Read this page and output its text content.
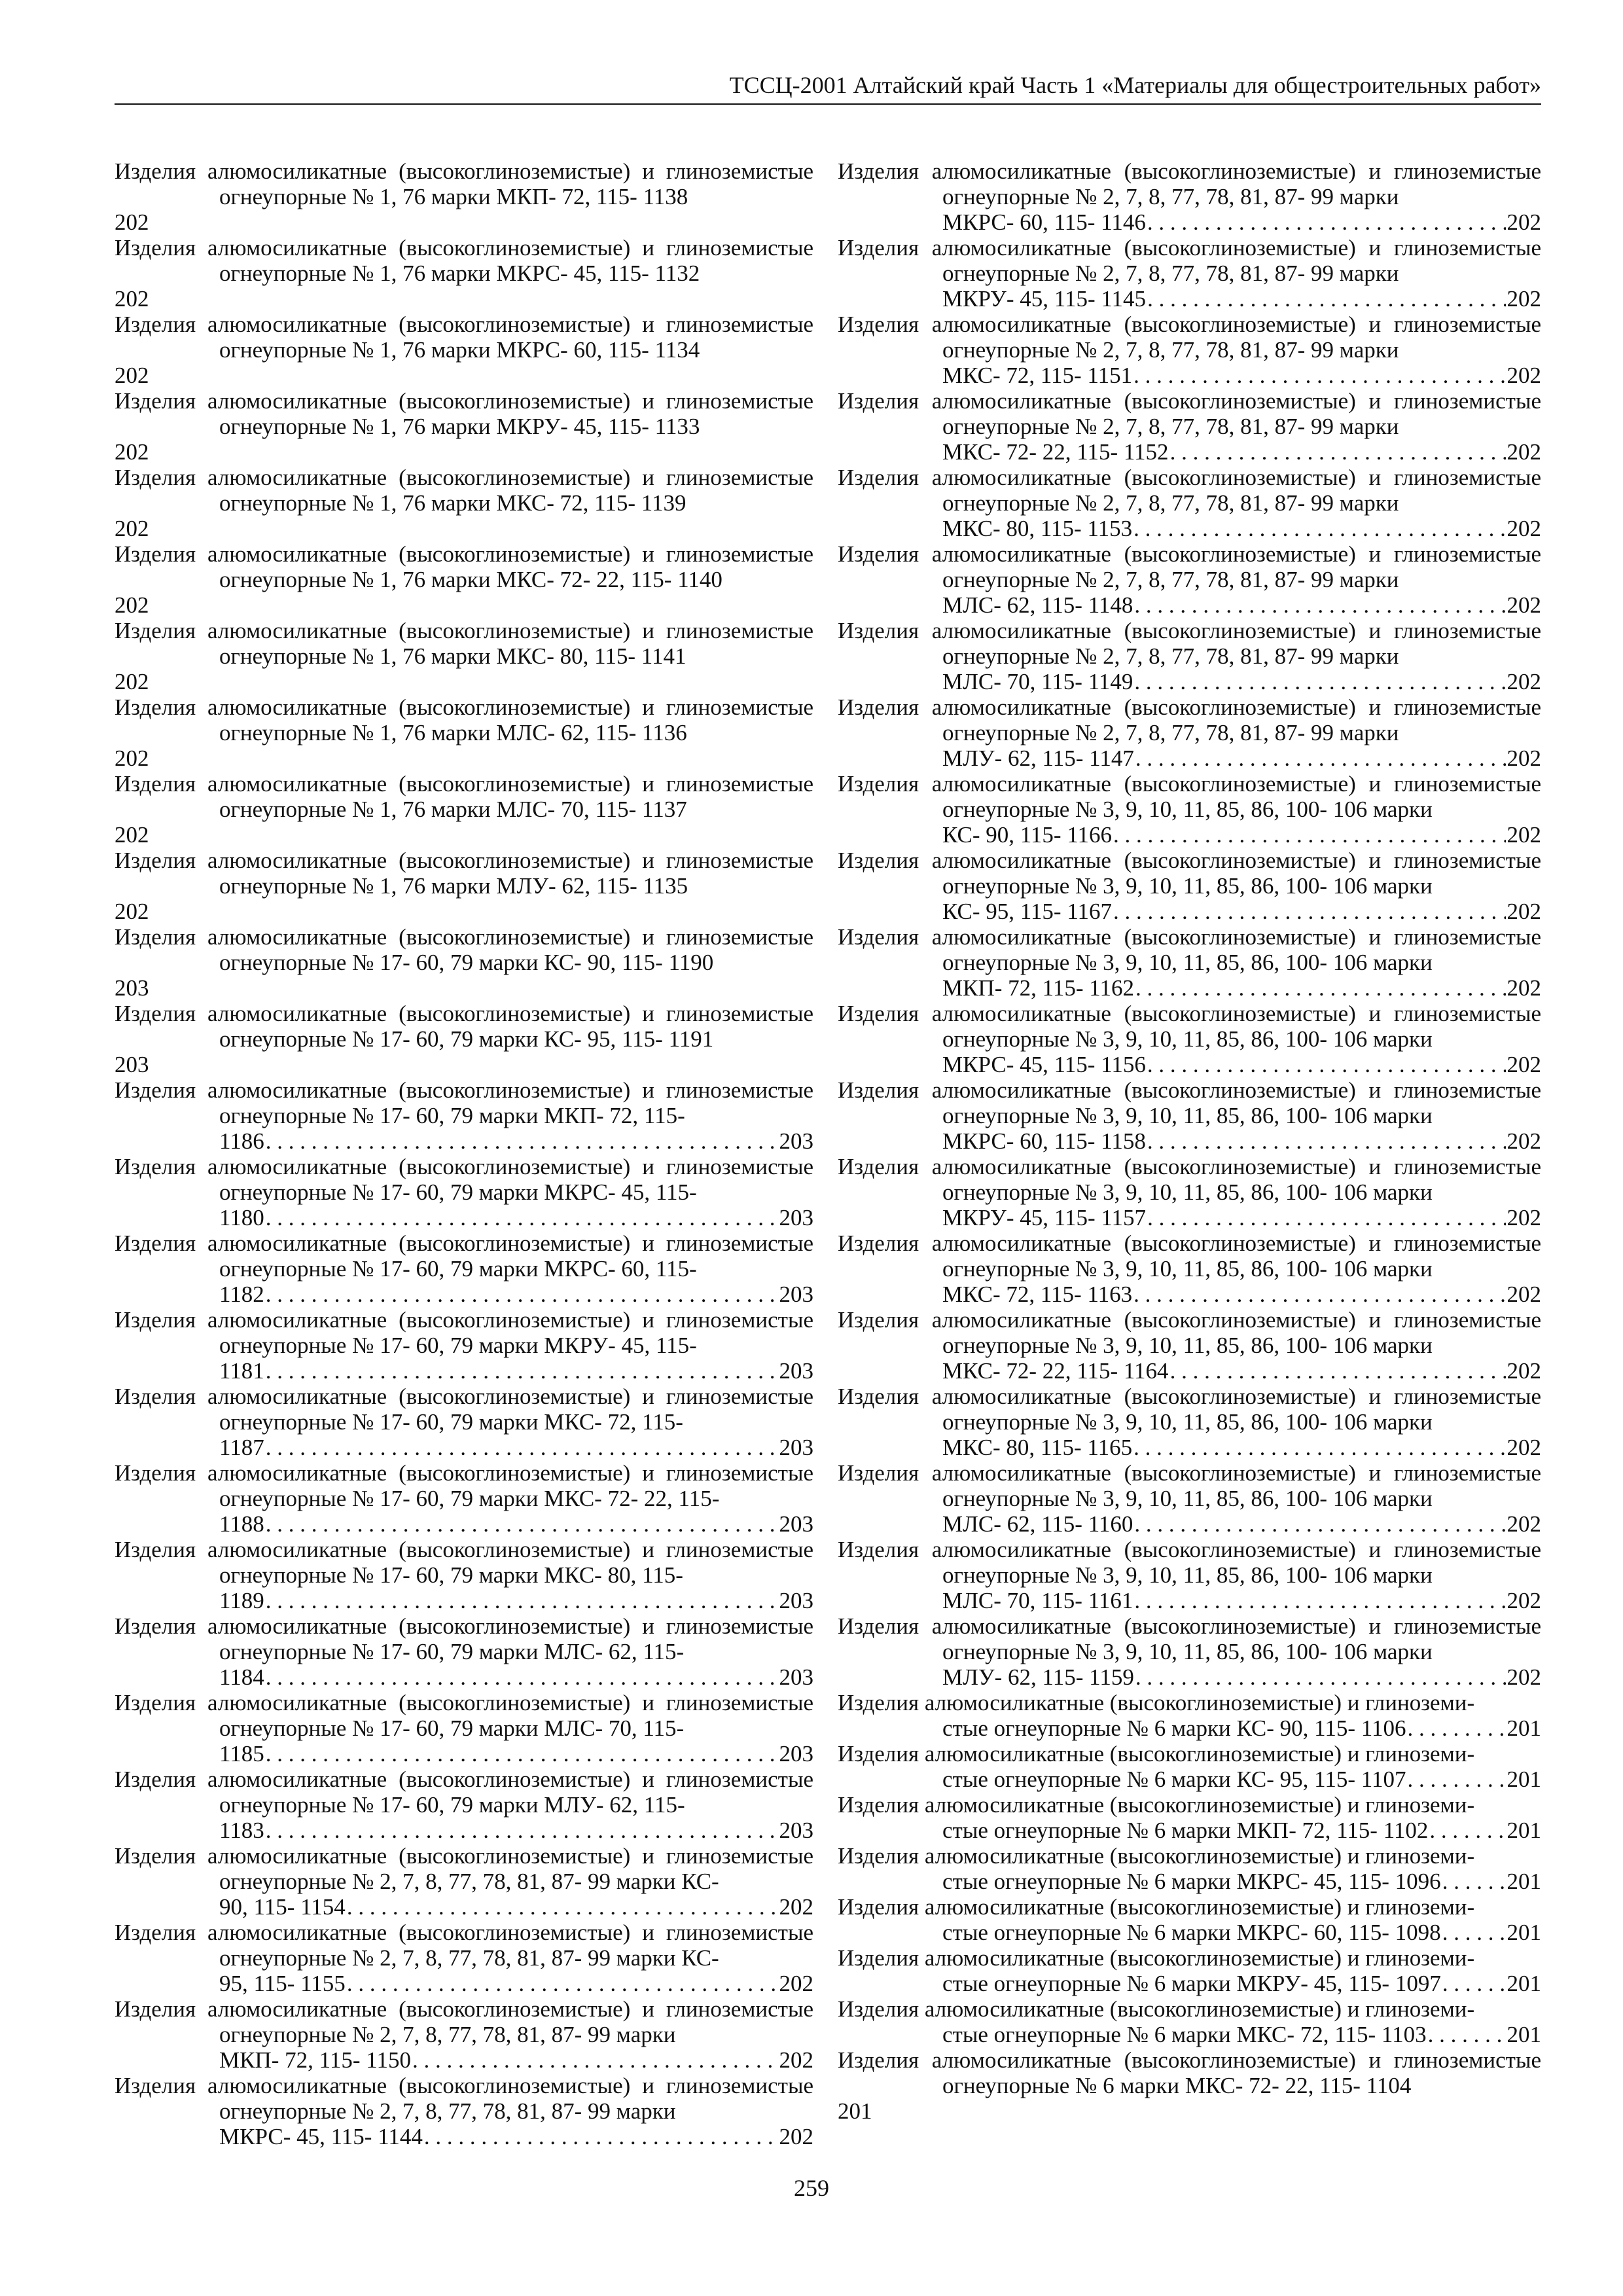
ТССЦ-2001 Алтайский край Часть 1 «Материалы для общестроительных работ»
Изделия алюмосиликатные (высокоглиноземистые) и глиноземистые огнеупорные № 1, 76 марки МКП- 72, 115- 1138
202
Изделия алюмосиликатные (высокоглиноземистые) и глиноземистые огнеупорные № 1, 76 марки МКРС- 45, 115- 1132
202
Изделия алюмосиликатные (высокоглиноземистые) и глиноземистые огнеупорные № 1, 76 марки МКРС- 60, 115- 1134
202
Изделия алюмосиликатные (высокоглиноземистые) и глиноземистые огнеупорные № 1, 76 марки МКРУ- 45, 115- 1133
202
Изделия алюмосиликатные (высокоглиноземистые) и глиноземистые огнеупорные № 1, 76 марки МКС- 72, 115- 1139
202
Изделия алюмосиликатные (высокоглиноземистые) и глиноземистые огнеупорные № 1, 76 марки МКС- 72- 22, 115- 1140
202
Изделия алюмосиликатные (высокоглиноземистые) и глиноземистые огнеупорные № 1, 76 марки МКС- 80, 115- 1141
202
Изделия алюмосиликатные (высокоглиноземистые) и глиноземистые огнеупорные № 1, 76 марки МЛС- 62, 115- 1136
202
Изделия алюмосиликатные (высокоглиноземистые) и глиноземистые огнеупорные № 1, 76 марки МЛС- 70, 115- 1137
202
Изделия алюмосиликатные (высокоглиноземистые) и глиноземистые огнеупорные № 1, 76 марки МЛУ- 62, 115- 1135
202
Изделия алюмосиликатные (высокоглиноземистые) и глиноземистые огнеупорные № 17- 60, 79 марки КС- 90, 115- 1190
203
Изделия алюмосиликатные (высокоглиноземистые) и глиноземистые огнеупорные № 17- 60, 79 марки КС- 95, 115- 1191
203
Изделия алюмосиликатные (высокоглиноземистые) и глиноземистые огнеупорные № 17- 60, 79 марки МКП- 72, 115-
1186 . . .	203
Изделия алюмосиликатные (высокоглиноземистые) и глиноземистые огнеупорные № 17- 60, 79 марки МКРС- 45, 115-
1180 . . .	203
Изделия алюмосиликатные (высокоглиноземистые) и глиноземистые огнеупорные № 17- 60, 79 марки МКРС- 60, 115-
1182 . . .	203
Изделия алюмосиликатные (высокоглиноземистые) и глиноземистые огнеупорные № 17- 60, 79 марки МКРУ- 45, 115-
1181 . . .	203
Изделия алюмосиликатные (высокоглиноземистые) и глиноземистые огнеупорные № 17- 60, 79 марки МКС- 72, 115-
1187 . . .	203
Изделия алюмосиликатные (высокоглиноземистые) и глиноземистые огнеупорные № 17- 60, 79 марки МКС- 72- 22, 115-
1188 . . .	203
Изделия алюмосиликатные (высокоглиноземистые) и глиноземистые огнеупорные № 17- 60, 79 марки МКС- 80, 115-
1189 . . .	203
Изделия алюмосиликатные (высокоглиноземистые) и глиноземистые огнеупорные № 17- 60, 79 марки МЛС- 62, 115-
1184 . . .	203
Изделия алюмосиликатные (высокоглиноземистые) и глиноземистые огнеупорные № 17- 60, 79 марки МЛС- 70, 115-
1185 . . .	203
Изделия алюмосиликатные (высокоглиноземистые) и глиноземистые огнеупорные № 17- 60, 79 марки МЛУ- 62, 115-
1183 . . .	203
Изделия алюмосиликатные (высокоглиноземистые) и глиноземистые огнеупорные № 2, 7, 8, 77, 78, 81, 87- 99 марки КС-
90, 115- 1154 . . .	202
Изделия алюмосиликатные (высокоглиноземистые) и глиноземистые огнеупорные № 2, 7, 8, 77, 78, 81, 87- 99 марки КС-
95, 115- 1155 . . .	202
Изделия алюмосиликатные (высокоглиноземистые) и глиноземистые огнеупорные № 2, 7, 8, 77, 78, 81, 87- 99 марки
МКП- 72, 115- 1150 . . .	202
Изделия алюмосиликатные (высокоглиноземистые) и глиноземистые огнеупорные № 2, 7, 8, 77, 78, 81, 87- 99 марки
МКРС- 45, 115- 1144 . . .	202
Изделия алюмосиликатные (высокоглиноземистые) и глиноземистые огнеупорные № 2, 7, 8, 77, 78, 81, 87- 99 марки
МКРС- 60, 115- 1146 . . .	202
Изделия алюмосиликатные (высокоглиноземистые) и глиноземистые огнеупорные № 2, 7, 8, 77, 78, 81, 87- 99 марки
МКРУ- 45, 115- 1145 . . .	202
Изделия алюмосиликатные (высокоглиноземистые) и глиноземистые огнеупорные № 2, 7, 8, 77, 78, 81, 87- 99 марки
МКС- 72, 115- 1151 . . .	202
Изделия алюмосиликатные (высокоглиноземистые) и глиноземистые огнеупорные № 2, 7, 8, 77, 78, 81, 87- 99 марки
МКС- 72- 22, 115- 1152 . . .	202
Изделия алюмосиликатные (высокоглиноземистые) и глиноземистые огнеупорные № 2, 7, 8, 77, 78, 81, 87- 99 марки
МКС- 80, 115- 1153 . . .	202
Изделия алюмосиликатные (высокоглиноземистые) и глиноземистые огнеупорные № 2, 7, 8, 77, 78, 81, 87- 99 марки
МЛС- 62, 115- 1148 . . .	202
Изделия алюмосиликатные (высокоглиноземистые) и глиноземистые огнеупорные № 2, 7, 8, 77, 78, 81, 87- 99 марки
МЛС- 70, 115- 1149 . . .	202
Изделия алюмосиликатные (высокоглиноземистые) и глиноземистые огнеупорные № 2, 7, 8, 77, 78, 81, 87- 99 марки
МЛУ- 62, 115- 1147 . . .	202
Изделия алюмосиликатные (высокоглиноземистые) и глиноземистые огнеупорные № 3, 9, 10, 11, 85, 86, 100- 106 марки
КС- 90, 115- 1166 . . .	202
Изделия алюмосиликатные (высокоглиноземистые) и глиноземистые огнеупорные № 3, 9, 10, 11, 85, 86, 100- 106 марки
КС- 95, 115- 1167 . . .	202
Изделия алюмосиликатные (высокоглиноземистые) и глиноземистые огнеупорные № 3, 9, 10, 11, 85, 86, 100- 106 марки
МКП- 72, 115- 1162 . . .	202
Изделия алюмосиликатные (высокоглиноземистые) и глиноземистые огнеупорные № 3, 9, 10, 11, 85, 86, 100- 106 марки
МКРС- 45, 115- 1156 . . .	202
Изделия алюмосиликатные (высокоглиноземистые) и глиноземистые огнеупорные № 3, 9, 10, 11, 85, 86, 100- 106 марки
МКРС- 60, 115- 1158 . . .	202
Изделия алюмосиликатные (высокоглиноземистые) и глиноземистые огнеупорные № 3, 9, 10, 11, 85, 86, 100- 106 марки
МКРУ- 45, 115- 1157 . . .	202
Изделия алюмосиликатные (высокоглиноземистые) и глиноземистые огнеупорные № 3, 9, 10, 11, 85, 86, 100- 106 марки
МКС- 72, 115- 1163 . . .	202
Изделия алюмосиликатные (высокоглиноземистые) и глиноземистые огнеупорные № 3, 9, 10, 11, 85, 86, 100- 106 марки
МКС- 72- 22, 115- 1164 . . .	202
Изделия алюмосиликатные (высокоглиноземистые) и глиноземистые огнеупорные № 3, 9, 10, 11, 85, 86, 100- 106 марки
МКС- 80, 115- 1165 . . .	202
Изделия алюмосиликатные (высокоглиноземистые) и глиноземистые огнеупорные № 3, 9, 10, 11, 85, 86, 100- 106 марки
МЛС- 62, 115- 1160 . . .	202
Изделия алюмосиликатные (высокоглиноземистые) и глиноземистые огнеупорные № 3, 9, 10, 11, 85, 86, 100- 106 марки
МЛС- 70, 115- 1161 . . .	202
Изделия алюмосиликатные (высокоглиноземистые) и глиноземистые огнеупорные № 3, 9, 10, 11, 85, 86, 100- 106 марки
МЛУ- 62, 115- 1159 . . .	202
Изделия алюмосиликатные (высокоглиноземистые) и глиноземи-
стые огнеупорные № 6 марки КС- 90, 115- 1106 . . .	201
Изделия алюмосиликатные (высокоглиноземистые) и глиноземи-
стые огнеупорные № 6 марки КС- 95, 115- 1107 . . .	201
Изделия алюмосиликатные (высокоглиноземистые) и глиноземи-
стые огнеупорные № 6 марки МКП- 72, 115- 1102 . . .	201
Изделия алюмосиликатные (высокоглиноземистые) и глиноземи-
стые огнеупорные № 6 марки МКРС- 45, 115- 1096 . . .	201
Изделия алюмосиликатные (высокоглиноземистые) и глиноземи-
стые огнеупорные № 6 марки МКРС- 60, 115- 1098 . . .	201
Изделия алюмосиликатные (высокоглиноземистые) и глиноземи-
стые огнеупорные № 6 марки МКРУ- 45, 115- 1097 . . .	201
Изделия алюмосиликатные (высокоглиноземистые) и глиноземи-
стые огнеупорные № 6 марки МКС- 72, 115- 1103 . . .	201
Изделия алюмосиликатные (высокоглиноземистые) и глиноземистые огнеупорные № 6 марки МКС- 72- 22, 115- 1104
201
259
